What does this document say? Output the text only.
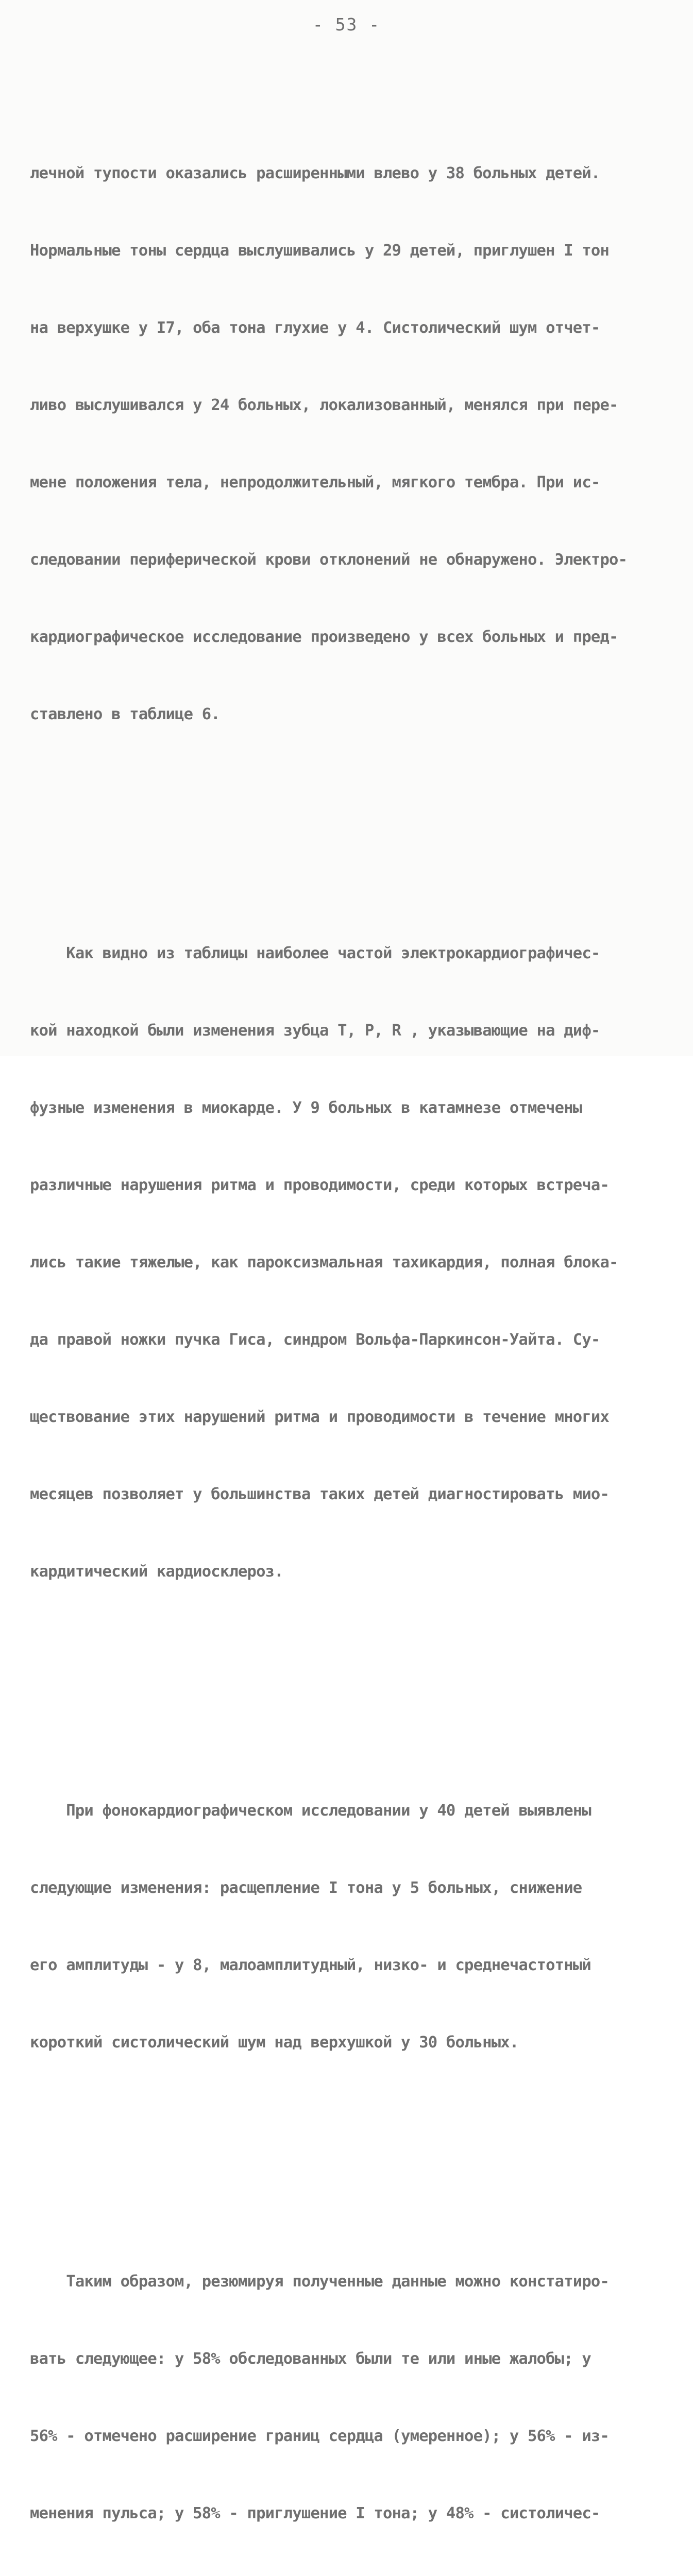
- 53 -

лечной тупости оказались расширенными влево у 38 больных детей.

Нормальные тоны сердца выслушивались у 29 детей, приглушен I тон

на верхушке у I7, оба тона глухие у 4. Систолический шум отчет-

ливо выслушивался у 24 больных, локализованный, менялся при пере-

мене положения тела, непродолжительный, мягкого тембра. При ис-

следовании периферической крови отклонений не обнаружено. Электро-

кардиографическое исследование произведено у всех больных и пред-

ставлено в таблице 6.

Как видно из таблицы наиболее частой электрокардиографичес-

кой находкой были изменения зубца Т, Р, R , указывающие на диф-

фузные изменения в миокарде. У 9 больных в катамнезе отмечены

различные нарушения ритма и проводимости, среди которых встреча-

лись такие тяжелые, как пароксизмальная тахикардия, полная блока-

да правой ножки пучка Гиса, синдром Вольфа-Паркинсон-Уайта. Су-

ществование этих нарушений ритма и проводимости в течение многих

месяцев позволяет у большинства таких детей диагностировать мио-

кардитический кардиосклероз.

При фонокардиографическом исследовании у 40 детей выявлены

следующие изменения: расщепление I тона у 5 больных, снижение

его амплитуды - у 8, малоамплитудный, низко- и среднечастотный

короткий систолический шум над верхушкой у 30 больных.

Таким образом, резюмируя полученные данные можно констатиро-

вать следующее: у 58% обследованных были те или иные жалобы; у

56% - отмечено расширение границ сердца (умеренное); у 56% - из-

менения пульса; у 58% - приглушение I тона; у 48% - систоличес-
